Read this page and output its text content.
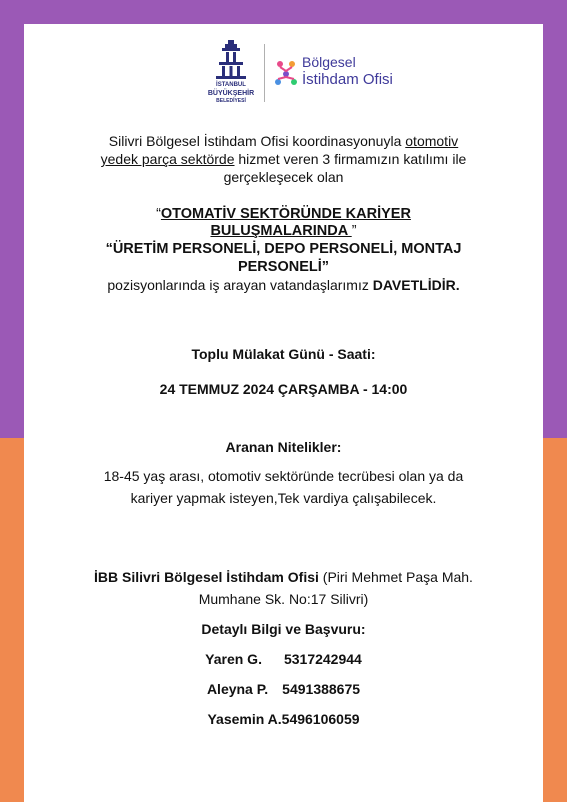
İSTANBUL
BÜYÜKŞEHİR
BELEDİYESİ
Bölgesel
İstihdam Ofisi
Silivri Bölgesel İstihdam Ofisi koordinasyonuyla otomotiv
yedek parça sektörde hizmet veren 3 firmamızın katılımı ile
gerçekleşecek olan
“OTOMATİV SEKTÖRÜNDE KARİYER
BULUŞMALARINDA ”
“ÜRETİM PERSONELİ, DEPO PERSONELİ, MONTAJ
PERSONELİ”
pozisyonlarında iş arayan vatandaşlarımız DAVETLİDİR.
Toplu Mülakat Günü - Saati:
24 TEMMUZ 2024 ÇARŞAMBA - 14:00
Aranan Nitelikler:
18-45 yaş arası, otomotiv sektöründe tecrübesi olan ya da
kariyer yapmak isteyen,Tek vardiya çalışabilecek.
İBB Silivri Bölgesel İstihdam Ofisi (Piri Mehmet Paşa Mah.
Mumhane Sk. No:17 Silivri)
Detaylı Bilgi ve Başvuru:
Yaren G. 5317242944
Aleyna P. 5491388675
Yasemin A.5496106059
